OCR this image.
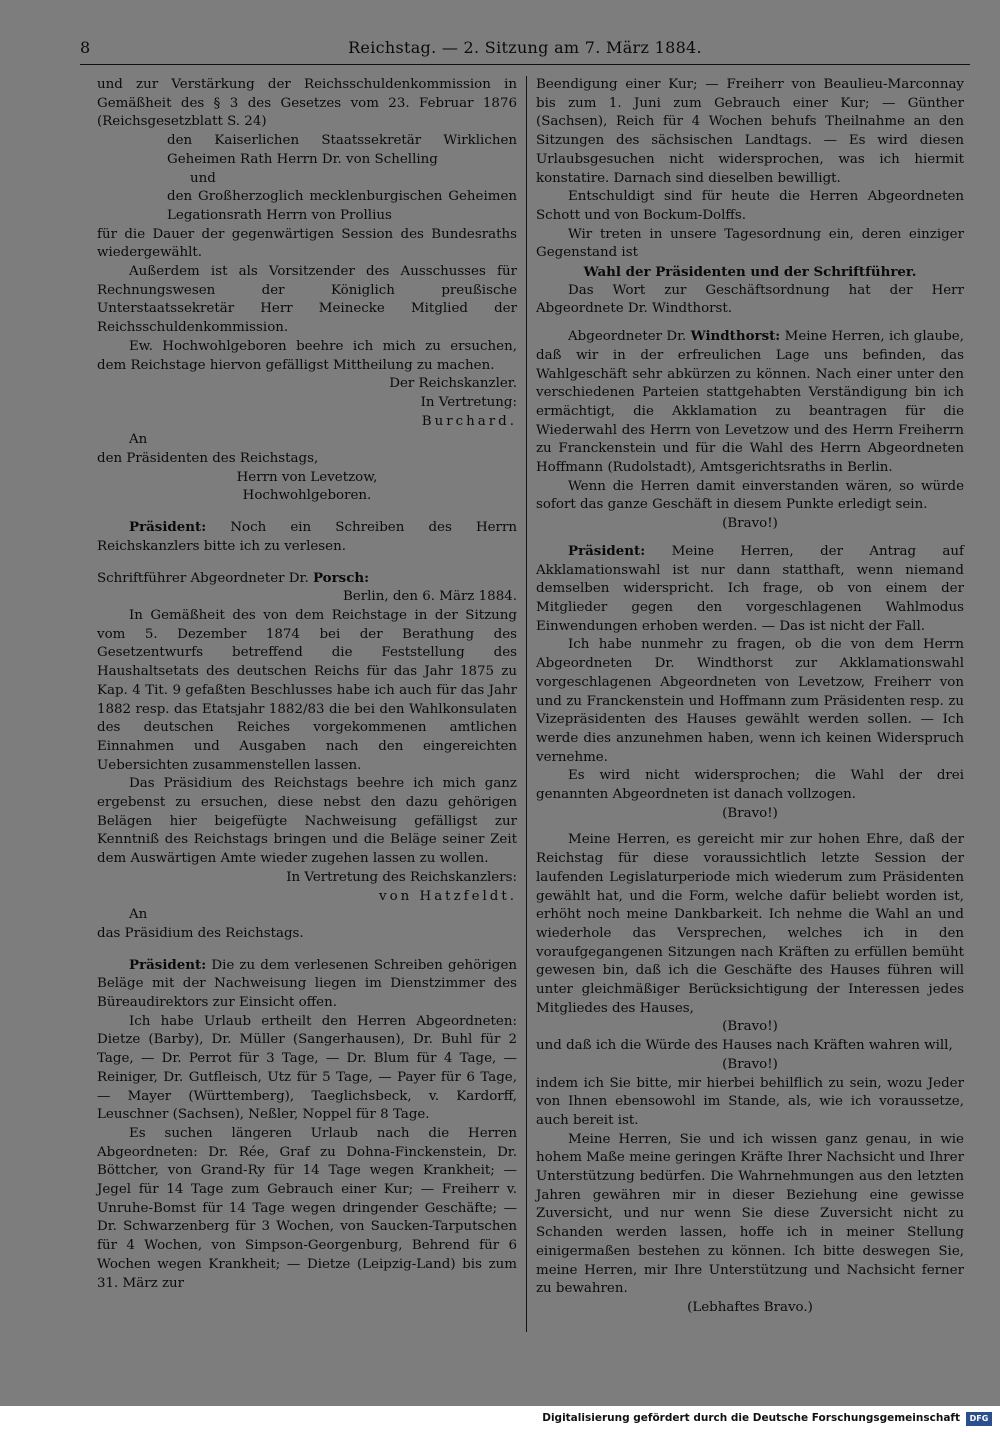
8	Reichstag. — 2. Sitzung am 7. März 1884.

und zur Verstärkung der Reichsschuldenkommission in Gemäßheit des § 3 des Gesetzes vom 23. Februar 1876 (Reichsgesetzblatt S. 24)

den Kaiserlichen Staatssekretär Wirklichen Geheimen Rath Herrn Dr. von Schelling

und

den Großherzoglich mecklenburgischen Geheimen Legationsrath Herrn von Prollius

für die Dauer der gegenwärtigen Session des Bundesraths wiedergewählt.

Außerdem ist als Vorsitzender des Ausschusses für Rechnungswesen der Königlich preußische Unterstaatssekretär Herr Meinecke Mitglied der Reichsschuldenkommission.

Ew. Hochwohlgeboren beehre ich mich zu ersuchen, dem Reichstage hiervon gefälligst Mittheilung zu machen.

Der Reichskanzler.

In Vertretung:

Burchard.

An

den Präsidenten des Reichstags,

Herrn von Levetzow,

Hochwohlgeboren.

Präsident: Noch ein Schreiben des Herrn Reichskanzlers bitte ich zu verlesen.

Schriftführer Abgeordneter Dr. Porsch:

Berlin, den 6. März 1884.

In Gemäßheit des von dem Reichstage in der Sitzung vom 5. Dezember 1874 bei der Berathung des Gesetzentwurfs betreffend die Feststellung des Haushaltsetats des deutschen Reichs für das Jahr 1875 zu Kap. 4 Tit. 9 gefaßten Beschlusses habe ich auch für das Jahr 1882 resp. das Etatsjahr 1882/83 die bei den Wahlkonsulaten des deutschen Reiches vorgekommenen amtlichen Einnahmen und Ausgaben nach den eingereichten Uebersichten zusammenstellen lassen.

Das Präsidium des Reichstags beehre ich mich ganz ergebenst zu ersuchen, diese nebst den dazu gehörigen Belägen hier beigefügte Nachweisung gefälligst zur Kenntniß des Reichstags bringen und die Beläge seiner Zeit dem Auswärtigen Amte wieder zugehen lassen zu wollen.

In Vertretung des Reichskanzlers:

von Hatzfeldt.

An

das Präsidium des Reichstags.

Präsident: Die zu dem verlesenen Schreiben gehörigen Beläge mit der Nachweisung liegen im Dienstzimmer des Büreaudirektors zur Einsicht offen.

Ich habe Urlaub ertheilt den Herren Abgeordneten: Dietze (Barby), Dr. Müller (Sangerhausen), Dr. Buhl für 2 Tage, — Dr. Perrot für 3 Tage, — Dr. Blum für 4 Tage, — Reiniger, Dr. Gutfleisch, Utz für 5 Tage, — Payer für 6 Tage, — Mayer (Württemberg), Taeglichsbeck, v. Kardorff, Leuschner (Sachsen), Neßler, Noppel für 8 Tage.

Es suchen längeren Urlaub nach die Herren Abgeordneten: Dr. Rée, Graf zu Dohna-Finckenstein, Dr. Böttcher, von Grand-Ry für 14 Tage wegen Krankheit; — Jegel für 14 Tage zum Gebrauch einer Kur; — Freiherr v. Unruhe-Bomst für 14 Tage wegen dringender Geschäfte; — Dr. Schwarzenberg für 3 Wochen, von Saucken-Tarputschen für 4 Wochen, von Simpson-Georgenburg, Behrend für 6 Wochen wegen Krankheit; — Dietze (Leipzig-Land) bis zum 31. März zur

Beendigung einer Kur; — Freiherr von Beaulieu-Marconnay bis zum 1. Juni zum Gebrauch einer Kur; — Günther (Sachsen), Reich für 4 Wochen behufs Theilnahme an den Sitzungen des sächsischen Landtags. — Es wird diesen Urlaubsgesuchen nicht widersprochen, was ich hiermit konstatire. Darnach sind dieselben bewilligt.

Entschuldigt sind für heute die Herren Abgeordneten Schott und von Bockum-Dolffs.

Wir treten in unsere Tagesordnung ein, deren einziger Gegenstand ist

Wahl der Präsidenten und der Schriftführer.

Das Wort zur Geschäftsordnung hat der Herr Abgeordnete Dr. Windthorst.

Abgeordneter Dr. Windthorst: Meine Herren, ich glaube, daß wir in der erfreulichen Lage uns befinden, das Wahlgeschäft sehr abkürzen zu können. Nach einer unter den verschiedenen Parteien stattgehabten Verständigung bin ich ermächtigt, die Akklamation zu beantragen für die Wiederwahl des Herrn von Levetzow und des Herrn Freiherrn zu Franckenstein und für die Wahl des Herrn Abgeordneten Hoffmann (Rudolstadt), Amtsgerichtsraths in Berlin.

Wenn die Herren damit einverstanden wären, so würde sofort das ganze Geschäft in diesem Punkte erledigt sein.

(Bravo!)

Präsident: Meine Herren, der Antrag auf Akklamationswahl ist nur dann statthaft, wenn niemand demselben widerspricht. Ich frage, ob von einem der Mitglieder gegen den vorgeschlagenen Wahlmodus Einwendungen erhoben werden. — Das ist nicht der Fall.

Ich habe nunmehr zu fragen, ob die von dem Herrn Abgeordneten Dr. Windthorst zur Akklamationswahl vorgeschlagenen Abgeordneten von Levetzow, Freiherr von und zu Franckenstein und Hoffmann zum Präsidenten resp. zu Vizepräsidenten des Hauses gewählt werden sollen. — Ich werde dies anzunehmen haben, wenn ich keinen Widerspruch vernehme.

Es wird nicht widersprochen; die Wahl der drei genannten Abgeordneten ist danach vollzogen.

(Bravo!)

Meine Herren, es gereicht mir zur hohen Ehre, daß der Reichstag für diese voraussichtlich letzte Session der laufenden Legislaturperiode mich wiederum zum Präsidenten gewählt hat, und die Form, welche dafür beliebt worden ist, erhöht noch meine Dankbarkeit. Ich nehme die Wahl an und wiederhole das Versprechen, welches ich in den voraufgegangenen Sitzungen nach Kräften zu erfüllen bemüht gewesen bin, daß ich die Geschäfte des Hauses führen will unter gleichmäßiger Berücksichtigung der Interessen jedes Mitgliedes des Hauses,

(Bravo!)

und daß ich die Würde des Hauses nach Kräften wahren will,

(Bravo!)

indem ich Sie bitte, mir hierbei behilflich zu sein, wozu Jeder von Ihnen ebensowohl im Stande, als, wie ich voraussetze, auch bereit ist.

Meine Herren, Sie und ich wissen ganz genau, in wie hohem Maße meine geringen Kräfte Ihrer Nachsicht und Ihrer Unterstützung bedürfen. Die Wahrnehmungen aus den letzten Jahren gewähren mir in dieser Beziehung eine gewisse Zuversicht, und nur wenn Sie diese Zuversicht nicht zu Schanden werden lassen, hoffe ich in meiner Stellung einigermaßen bestehen zu können. Ich bitte deswegen Sie, meine Herren, mir Ihre Unterstützung und Nachsicht ferner zu bewahren.

(Lebhaftes Bravo.)

Digitalisierung gefördert durch die Deutsche Forschungsgemeinschaft	DFG
